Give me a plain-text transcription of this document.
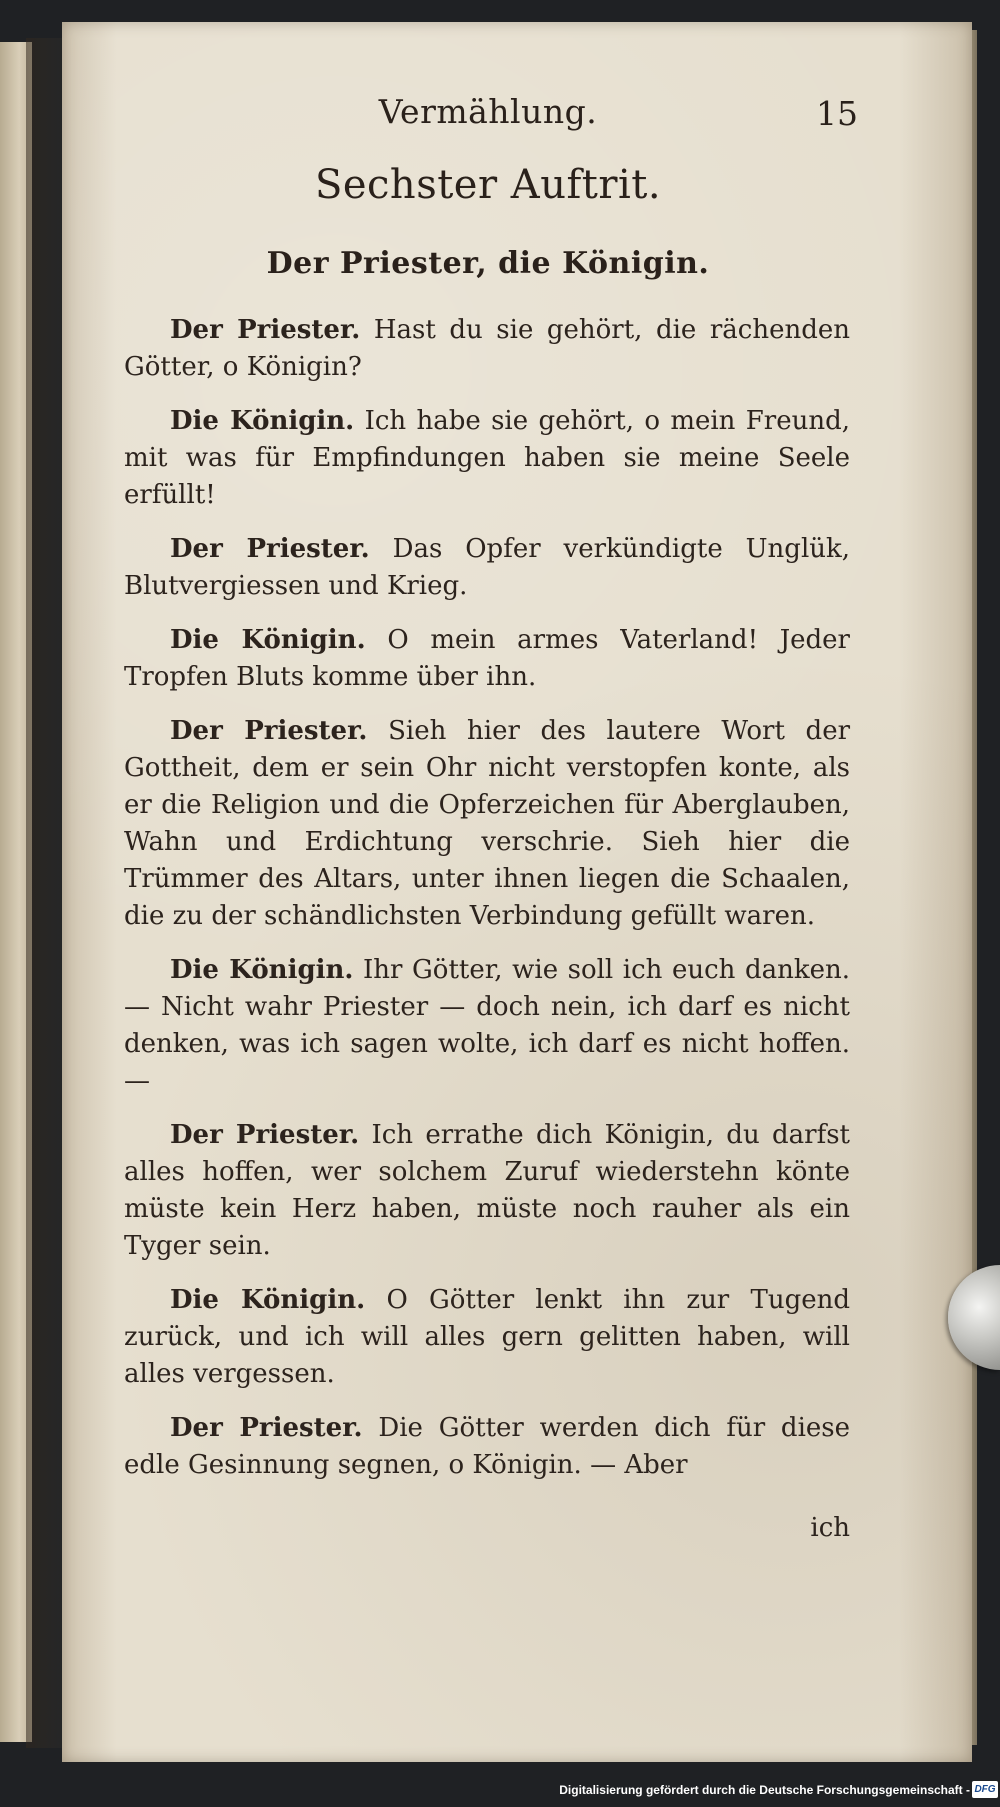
Vermählung.	15
Sechster Auftrit.
Der Priester, die Königin.

Der Priester. Hast du sie gehört, die rächenden Götter, o Königin?

Die Königin. Ich habe sie gehört, o mein Freund, mit was für Empfindungen haben sie meine Seele erfüllt!

Der Priester. Das Opfer verkündigte Unglük, Blutvergiessen und Krieg.

Die Königin. O mein armes Vaterland! Jeder Tropfen Bluts komme über ihn.

Der Priester. Sieh hier des lautere Wort der Gottheit, dem er sein Ohr nicht verstopfen konte, als er die Religion und die Opferzeichen für Aberglauben, Wahn und Erdichtung verschrie. Sieh hier die Trümmer des Altars, unter ihnen liegen die Schaalen, die zu der schändlichsten Verbindung gefüllt waren.

Die Königin. Ihr Götter, wie soll ich euch danken. — Nicht wahr Priester — doch nein, ich darf es nicht denken, was ich sagen wolte, ich darf es nicht hoffen. —

Der Priester. Ich errathe dich Königin, du darfst alles hoffen, wer solchem Zuruf wiederstehn könte müste kein Herz haben, müste noch rauher als ein Tyger sein.

Die Königin. O Götter lenkt ihn zur Tugend zurück, und ich will alles gern gelitten haben, will alles vergessen.

Der Priester. Die Götter werden dich für diese edle Gesinnung segnen, o Königin. — Aber

ich
Digitalisierung gefördert durch die Deutsche Forschungsgemeinschaft - DFG
